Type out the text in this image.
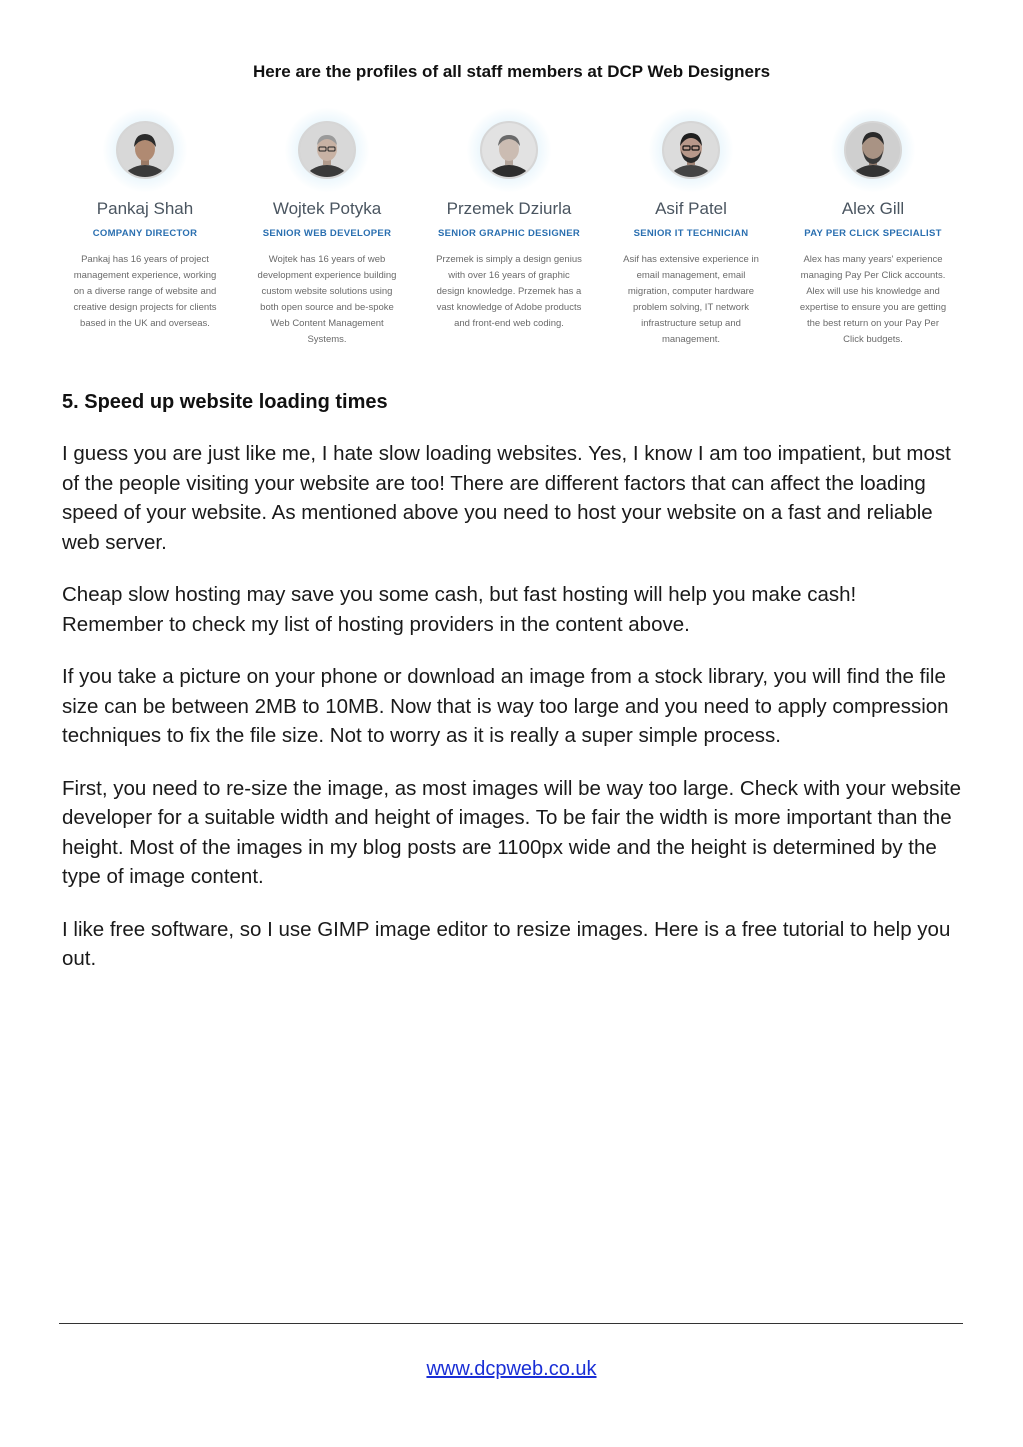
Here are the profiles of all staff members at DCP Web Designers
Pankaj Shah
COMPANY DIRECTOR
Pankaj has 16 years of project management experience, working on a diverse range of website and creative design projects for clients based in the UK and overseas.
Wojtek Potyka
SENIOR WEB DEVELOPER
Wojtek has 16 years of web development experience building custom website solutions using both open source and be-spoke Web Content Management Systems.
Przemek Dziurla
SENIOR GRAPHIC DESIGNER
Przemek is simply a design genius with over 16 years of graphic design knowledge. Przemek has a vast knowledge of Adobe products and front-end web coding.
Asif Patel
SENIOR IT TECHNICIAN
Asif has extensive experience in email management, email migration, computer hardware problem solving, IT network infrastructure setup and management.
Alex Gill
PAY PER CLICK SPECIALIST
Alex has many years' experience managing Pay Per Click accounts. Alex will use his knowledge and expertise to ensure you are getting the best return on your Pay Per Click budgets.
5. Speed up website loading times

I guess you are just like me, I hate slow loading websites. Yes, I know I am too impatient, but most of the people visiting your website are too! There are different factors that can affect the loading speed of your website. As mentioned above you need to host your website on a fast and reliable web server.

Cheap slow hosting may save you some cash, but fast hosting will help you make cash! Remember to check my list of hosting providers in the content above.

If you take a picture on your phone or download an image from a stock library, you will find the file size can be between 2MB to 10MB. Now that is way too large and you need to apply compression techniques to fix the file size. Not to worry as it is really a super simple process.

First, you need to re-size the image, as most images will be way too large. Check with your website developer for a suitable width and height of images. To be fair the width is more important than the height. Most of the images in my blog posts are 1100px wide and the height is determined by the type of image content.

I like free software, so I use GIMP image editor to resize images. Here is a free tutorial to help you out.

www.dcpweb.co.uk
